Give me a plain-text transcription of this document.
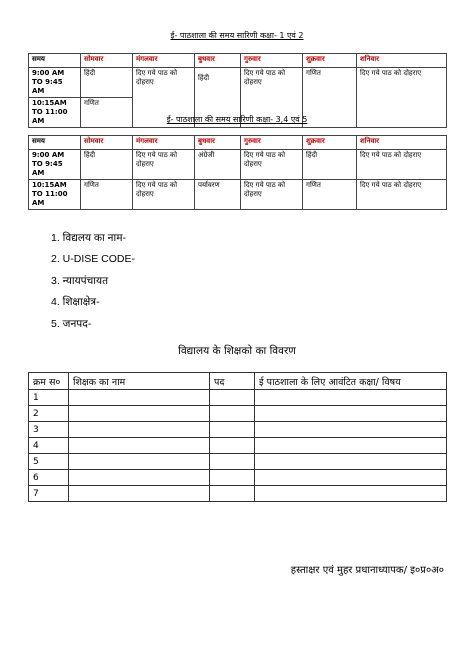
ई- पाठशाला की समय सारिणी कक्षा- 1 एवं 2
समय	सोमवार	मंगलवार	बुधवार	गुरुवार	शुक्रवार	शनिवार
9:00 AM TO 9:45 AM	हिंदी	दिए गये पाठ को दोहराए	हिंदी	दिए गये पाठ को दोहराए	गणित	दिए गये पाठ को दोहराए
10:15AM TO 11:00 AM	गणित					
ई- पाठशाला की समय सारिणी कक्षा- 3,4 एवं 5
समय	सोमवार	मंगलवार	बुधवार	गुरुवार	शुक्रवार	शनिवार
9:00 AM TO 9:45 AM	हिंदी	दिए गये पाठ को दोहराए	अंग्रेजी	दिए गये पाठ को दोहराए	हिंदी	दिए गये पाठ को दोहराए
10:15AM TO 11:00 AM	गणित	दिए गये पाठ को दोहराए	पर्यावरण	दिए गये पाठ को दोहराए	गणित	दिए गये पाठ को दोहराए
1. विद्यलय का नाम-
2. U-DISE CODE-
3. न्यायपंचायत
4. शिक्षाक्षेत्र-
5. जनपद-
विद्यालय के शिक्षको का विवरण
क्रम स०	शिक्षक का नाम	पद	ई पाठशाला के लिए आवंटित कक्षा/ विषय
1			
2			
3			
4			
5			
6			
7			
हस्ताक्षर एवं मुहर प्रधानाध्यापक/ इ०प्र०अ०
